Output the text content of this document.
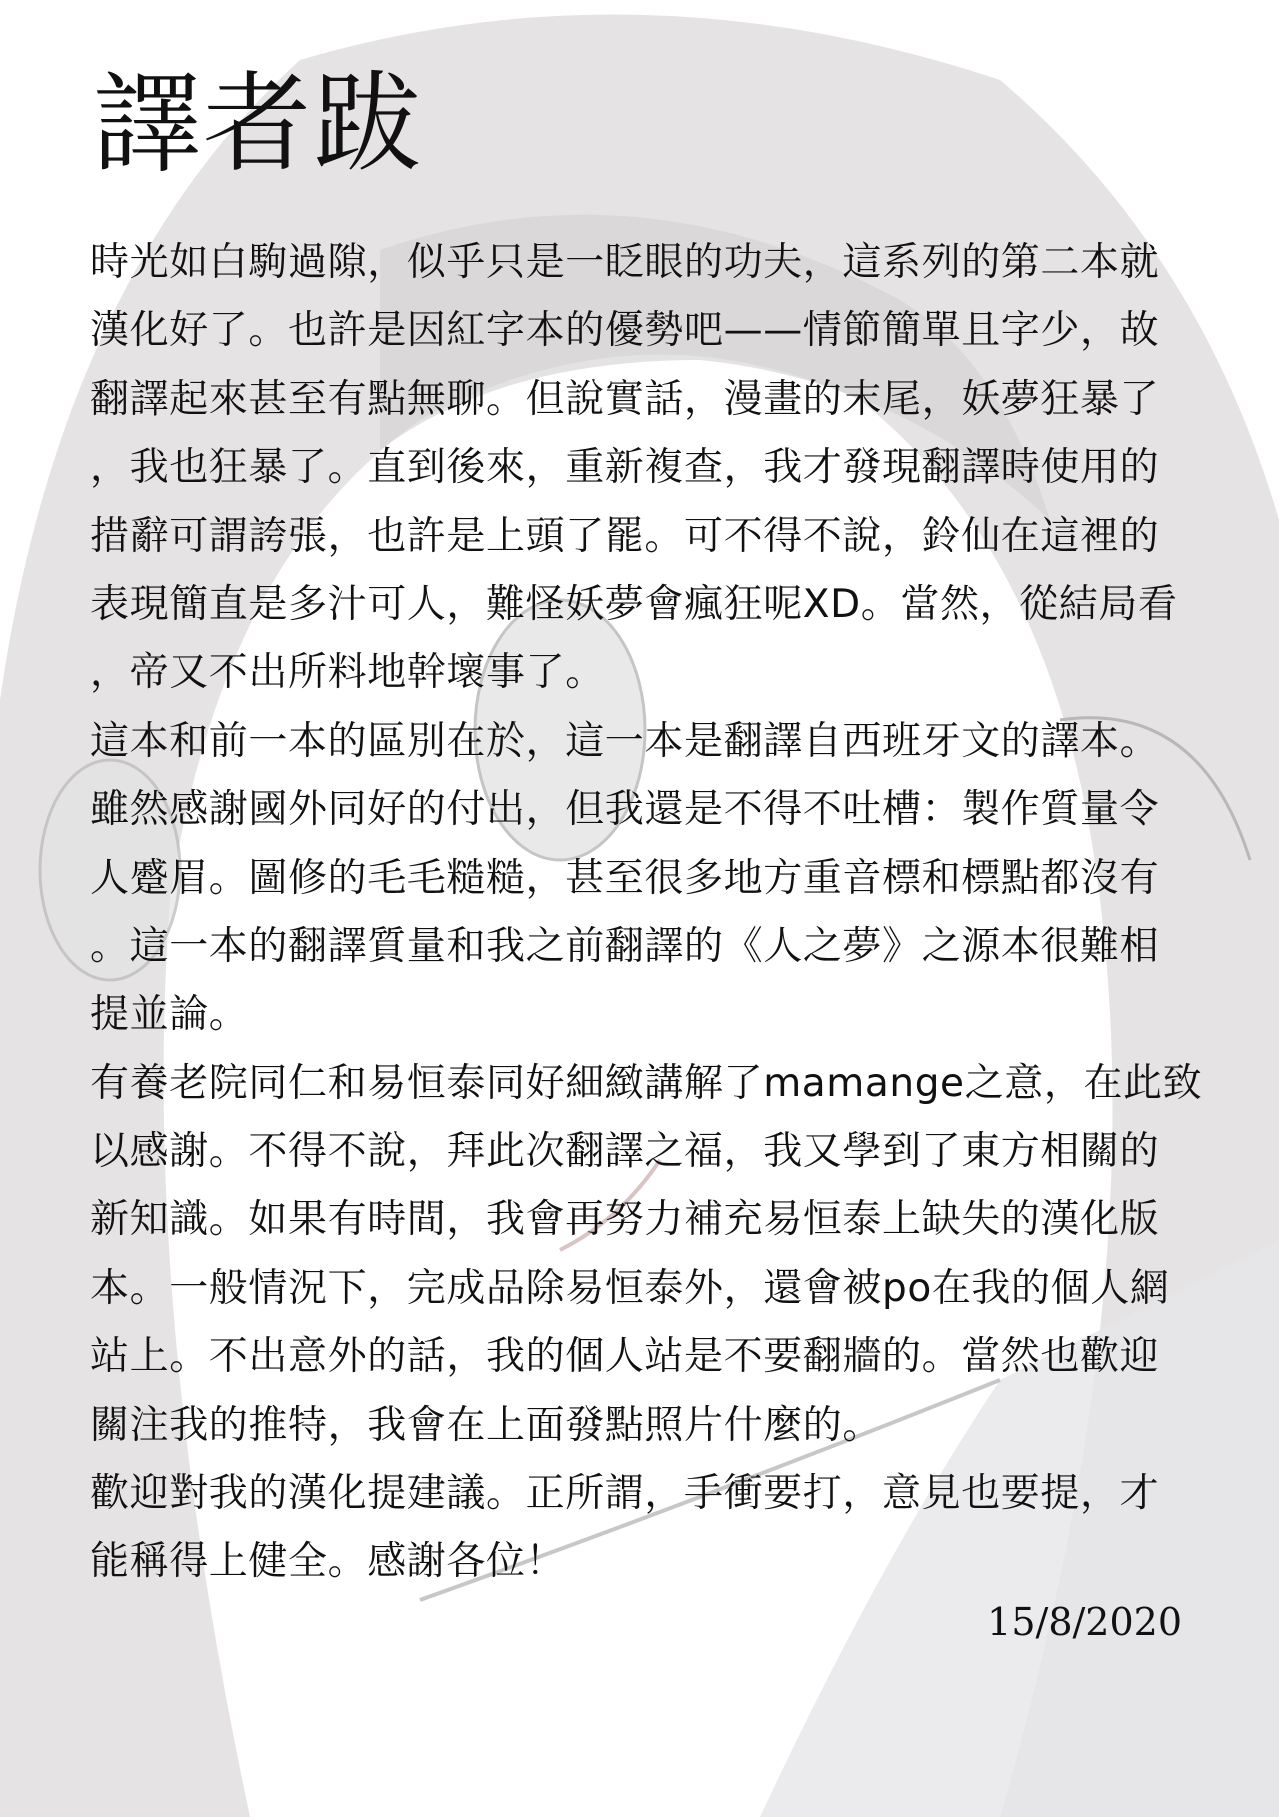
譯者跋
時光如白駒過隙，似乎只是一眨眼的功夫，這系列的第二本就
漢化好了。也許是因紅字本的優勢吧——情節簡單且字少，故
翻譯起來甚至有點無聊。但說實話，漫畫的末尾，妖夢狂暴了
，我也狂暴了。直到後來，重新複查，我才發現翻譯時使用的
措辭可謂誇張，也許是上頭了罷。可不得不說，鈴仙在這裡的
表現簡直是多汁可人，難怪妖夢會瘋狂呢XD。當然，從結局看
，帝又不出所料地幹壞事了。
這本和前一本的區別在於，這一本是翻譯自西班牙文的譯本。
雖然感謝國外同好的付出，但我還是不得不吐槽：製作質量令
人蹙眉。圖修的毛毛糙糙，甚至很多地方重音標和標點都沒有
。這一本的翻譯質量和我之前翻譯的《人之夢》之源本很難相
提並論。
有養老院同仁和易恒泰同好細緻講解了mamange之意，在此致
以感謝。不得不說，拜此次翻譯之福，我又學到了東方相關的
新知識。如果有時間，我會再努力補充易恒泰上缺失的漢化版
本。一般情況下，完成品除易恒泰外，還會被po在我的個人網
站上。不出意外的話，我的個人站是不要翻牆的。當然也歡迎
關注我的推特，我會在上面發點照片什麼的。
歡迎對我的漢化提建議。正所謂，手衝要打，意見也要提，才
能稱得上健全。感謝各位！
15/8/2020
